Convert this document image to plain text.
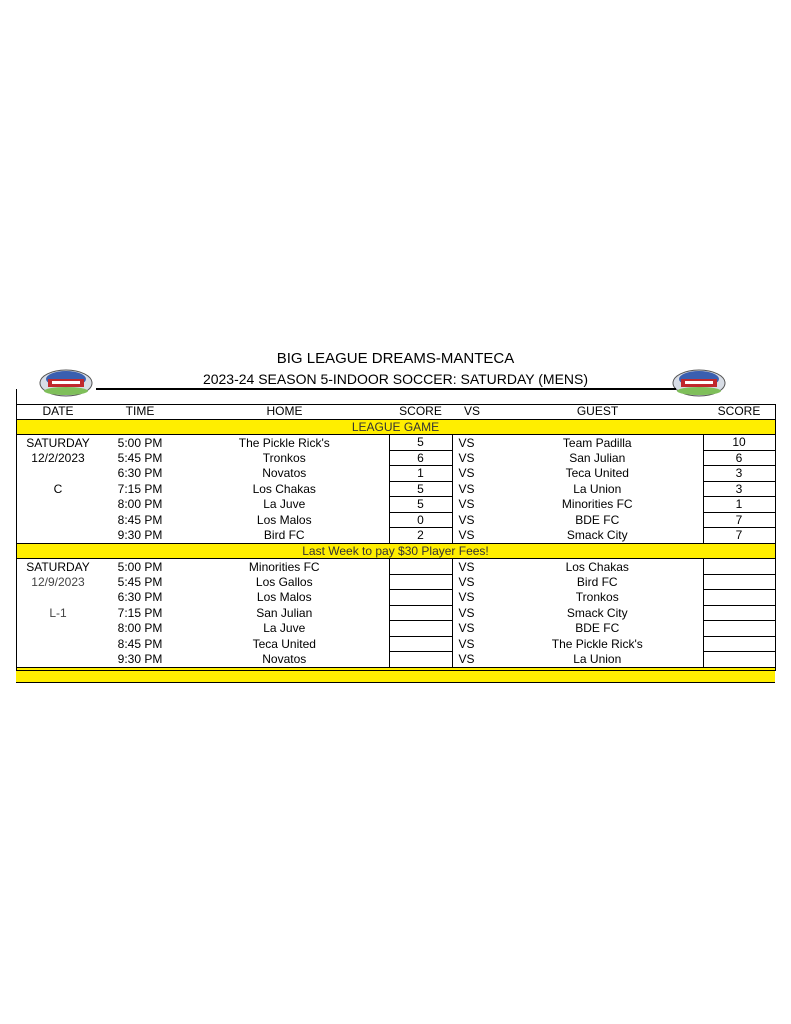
BIG LEAGUE DREAMS-MANTECA
2023-24 SEASON 5-INDOOR SOCCER: SATURDAY (MENS)
DATE	TIME	HOME	SCORE	VS	GUEST	SCORE
LEAGUE GAME						
SATURDAY	5:00 PM	The Pickle Rick's	5	VS	Team Padilla	10
12/2/2023	5:45 PM	Tronkos	6	VS	San Julian	6
	6:30 PM	Novatos	1	VS	Teca United	3
C	7:15 PM	Los Chakas	5	VS	La Union	3
	8:00 PM	La Juve	5	VS	Minorities FC	1
	8:45 PM	Los Malos	0	VS	BDE FC	7
	9:30 PM	Bird FC	2	VS	Smack City	7
Last Week to pay $30 Player Fees!						
SATURDAY	5:00 PM	Minorities FC		VS	Los Chakas	
12/9/2023	5:45 PM	Los Gallos		VS	Bird FC	
	6:30 PM	Los Malos		VS	Tronkos	
L-1	7:15 PM	San Julian		VS	Smack City	
	8:00 PM	La Juve		VS	BDE FC	
	8:45 PM	Teca United		VS	The Pickle Rick's	
	9:30 PM	Novatos		VS	La Union	
